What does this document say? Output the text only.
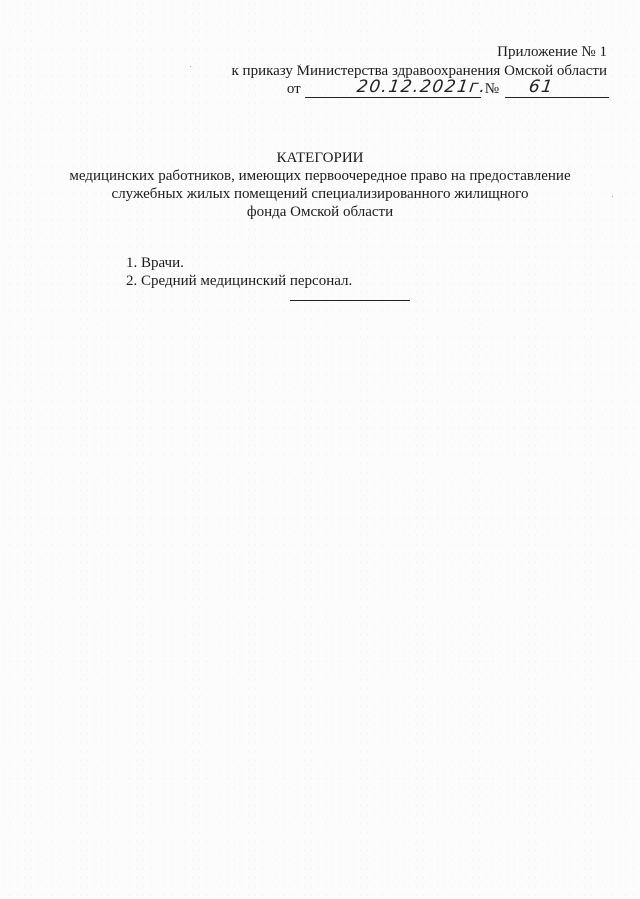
Приложение № 1
к приказу Министерства здравоохранения Омской области
от	20.12.2021г.
№ 61
КАТЕГОРИИ
медицинских работников, имеющих первоочередное право на предоставление
служебных жилых помещений специализированного жилищного
фонда Омской области
1. Врачи.
2. Средний медицинский персонал.
